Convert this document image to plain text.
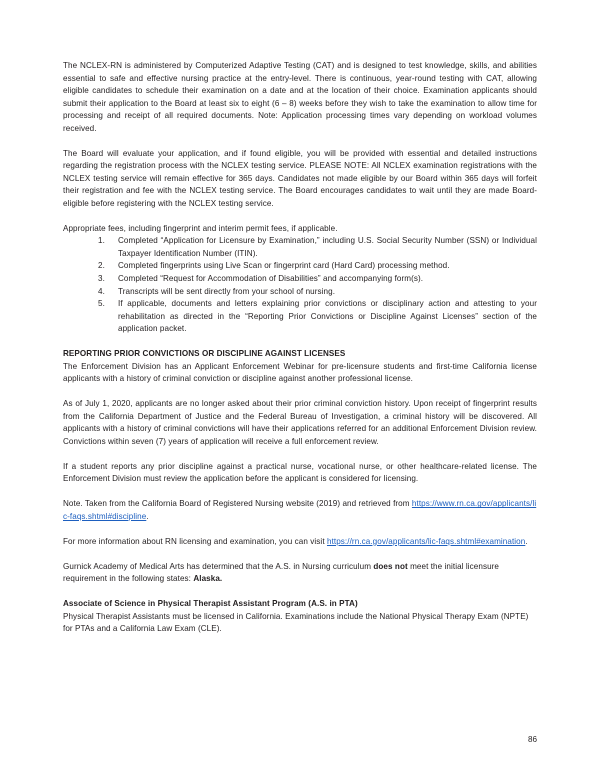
The NCLEX-RN is administered by Computerized Adaptive Testing (CAT) and is designed to test knowledge, skills, and abilities essential to safe and effective nursing practice at the entry-level. There is continuous, year-round testing with CAT, allowing eligible candidates to schedule their examination on a date and at the location of their choice. Examination applicants should submit their application to the Board at least six to eight (6 – 8) weeks before they wish to take the examination to allow time for processing and receipt of all required documents. Note: Application processing times vary depending on workload volumes received.

The Board will evaluate your application, and if found eligible, you will be provided with essential and detailed instructions regarding the registration process with the NCLEX testing service. PLEASE NOTE: All NCLEX examination registrations with the NCLEX testing service will remain effective for 365 days. Candidates not made eligible by our Board within 365 days will forfeit their registration and fee with the NCLEX testing service. The Board encourages candidates to wait until they are made Board-eligible before registering with the NCLEX testing service.

Appropriate fees, including fingerprint and interim permit fees, if applicable.

Completed “Application for Licensure by Examination,” including U.S. Social Security Number (SSN) or Individual Taxpayer Identification Number (ITIN).
Completed fingerprints using Live Scan or fingerprint card (Hard Card) processing method.
Completed “Request for Accommodation of Disabilities” and accompanying form(s).
Transcripts will be sent directly from your school of nursing.
If applicable, documents and letters explaining prior convictions or disciplinary action and attesting to your rehabilitation as directed in the “Reporting Prior Convictions or Discipline Against Licenses” section of the application packet.

REPORTING PRIOR CONVICTIONS OR DISCIPLINE AGAINST LICENSES

The Enforcement Division has an Applicant Enforcement Webinar for pre-licensure students and first-time California license applicants with a history of criminal conviction or discipline against another professional license.

As of July 1, 2020, applicants are no longer asked about their prior criminal conviction history. Upon receipt of fingerprint results from the California Department of Justice and the Federal Bureau of Investigation, a criminal history will be discovered. All applicants with a history of criminal convictions will have their applications referred for an additional Enforcement Division review. Convictions within seven (7) years of application will receive a full enforcement review.

If a student reports any prior discipline against a practical nurse, vocational nurse, or other healthcare-related license. The Enforcement Division must review the application before the applicant is considered for licensing.

Note. Taken from the California Board of Registered Nursing website (2019) and retrieved from https://www.rn.ca.gov/applicants/lic-faqs.shtml#discipline.

For more information about RN licensing and examination, you can visit https://rn.ca.gov/applicants/lic-faqs.shtml#examination.

Gurnick Academy of Medical Arts has determined that the A.S. in Nursing curriculum does not meet the initial licensure requirement in the following states: Alaska.

Associate of Science in Physical Therapist Assistant Program (A.S. in PTA)

Physical Therapist Assistants must be licensed in California. Examinations include the National Physical Therapy Exam (NPTE) for PTAs and a California Law Exam (CLE).

86
